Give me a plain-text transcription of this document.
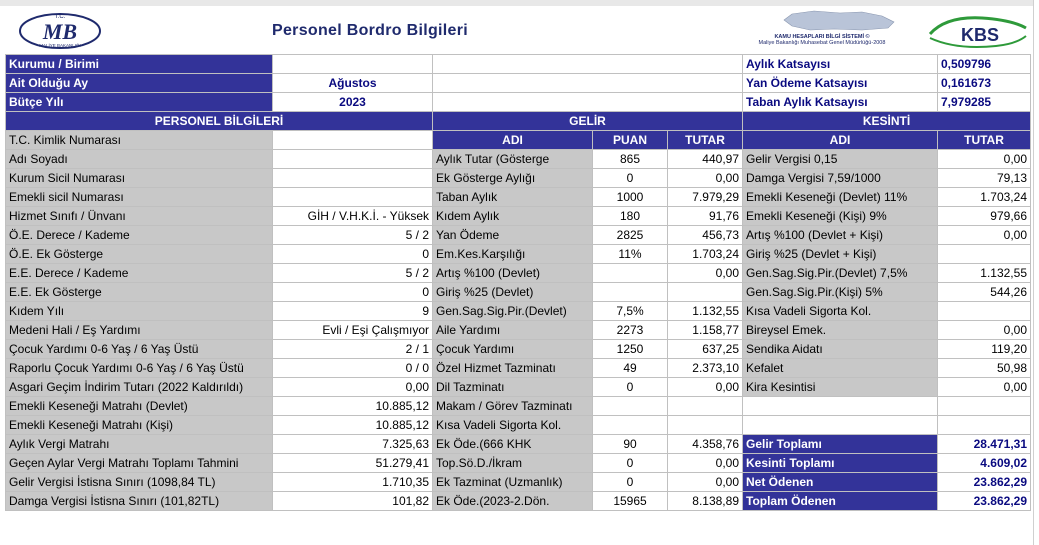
T.C.
MB
MALİYE BAKANLIĞI
Personel Bordro Bilgileri	KAMU HESAPLARI BİLGİ SİSTEMİ ©
Maliye Bakanlığı Muhasebat Genel Müdürlüğü-2008	KBS
Kurumu / Birimi					Aylık Katsayısı	0,509796
Ait Olduğu Ay	Ağustos				Yan Ödeme Katsayısı	0,161673
Bütçe Yılı	2023				Taban Aylık Katsayısı	7,979285
PERSONEL BİLGİLERİ		GELİR			KESİNTİ	
T.C. Kimlik Numarası		ADI	PUAN	TUTAR	ADI	TUTAR
Adı Soyadı		Aylık Tutar (Gösterge	865	440,97	Gelir Vergisi 0,15	0,00
Kurum Sicil Numarası		Ek Gösterge Aylığı	0	0,00	Damga Vergisi 7,59/1000	79,13
Emekli sicil Numarası		Taban Aylık	1000	7.979,29	Emekli Keseneği (Devlet) 11%	1.703,24
Hizmet Sınıfı / Ünvanı	GİH / V.H.K.İ. - Yüksek	Kıdem Aylık	180	91,76	Emekli Keseneği (Kişi) 9%	979,66
Ö.E. Derece / Kademe	5 / 2	Yan Ödeme	2825	456,73	Artış %100 (Devlet + Kişi)	0,00
Ö.E. Ek Gösterge	0	Em.Kes.Karşılığı	11%	1.703,24	Giriş %25 (Devlet + Kişi)	
E.E. Derece / Kademe	5 / 2	Artış %100 (Devlet)		0,00	Gen.Sag.Sig.Pir.(Devlet) 7,5%	1.132,55
E.E. Ek Gösterge	0	Giriş %25 (Devlet)			Gen.Sag.Sig.Pir.(Kişi) 5%	544,26
Kıdem Yılı	9	Gen.Sag.Sig.Pir.(Devlet)	7,5%	1.132,55	Kısa Vadeli Sigorta Kol.	
Medeni Hali / Eş Yardımı	Evli / Eşi Çalışmıyor	Aile Yardımı	2273	1.158,77	Bireysel Emek.	0,00
Çocuk Yardımı 0-6 Yaş / 6 Yaş Üstü	2 / 1	Çocuk Yardımı	1250	637,25	Sendika Aidatı	119,20
Raporlu Çocuk Yardımı 0-6 Yaş / 6 Yaş Üstü	0 / 0	Özel Hizmet Tazminatı	49	2.373,10	Kefalet	50,98
Asgari Geçim İndirim Tutarı (2022 Kaldırıldı)	0,00	Dil Tazminatı	0	0,00	Kira Kesintisi	0,00
Emekli Keseneği Matrahı (Devlet)	10.885,12	Makam / Görev Tazminatı				
Emekli Keseneği Matrahı (Kişi)	10.885,12	Kısa Vadeli Sigorta Kol.				
Aylık Vergi Matrahı	7.325,63	Ek Öde.(666 KHK	90	4.358,76	Gelir Toplamı	28.471,31
Geçen Aylar Vergi Matrahı Toplamı Tahmini	51.279,41	Top.Sö.D./İkram	0	0,00	Kesinti Toplamı	4.609,02
Gelir Vergisi İstisna Sınırı (1098,84 TL)	1.710,35	Ek Tazminat (Uzmanlık)	0	0,00	Net Ödenen	23.862,29
Damga Vergisi İstisna Sınırı (101,82TL)	101,82	Ek Öde.(2023-2.Dön.	15965	8.138,89	Toplam Ödenen	23.862,29
